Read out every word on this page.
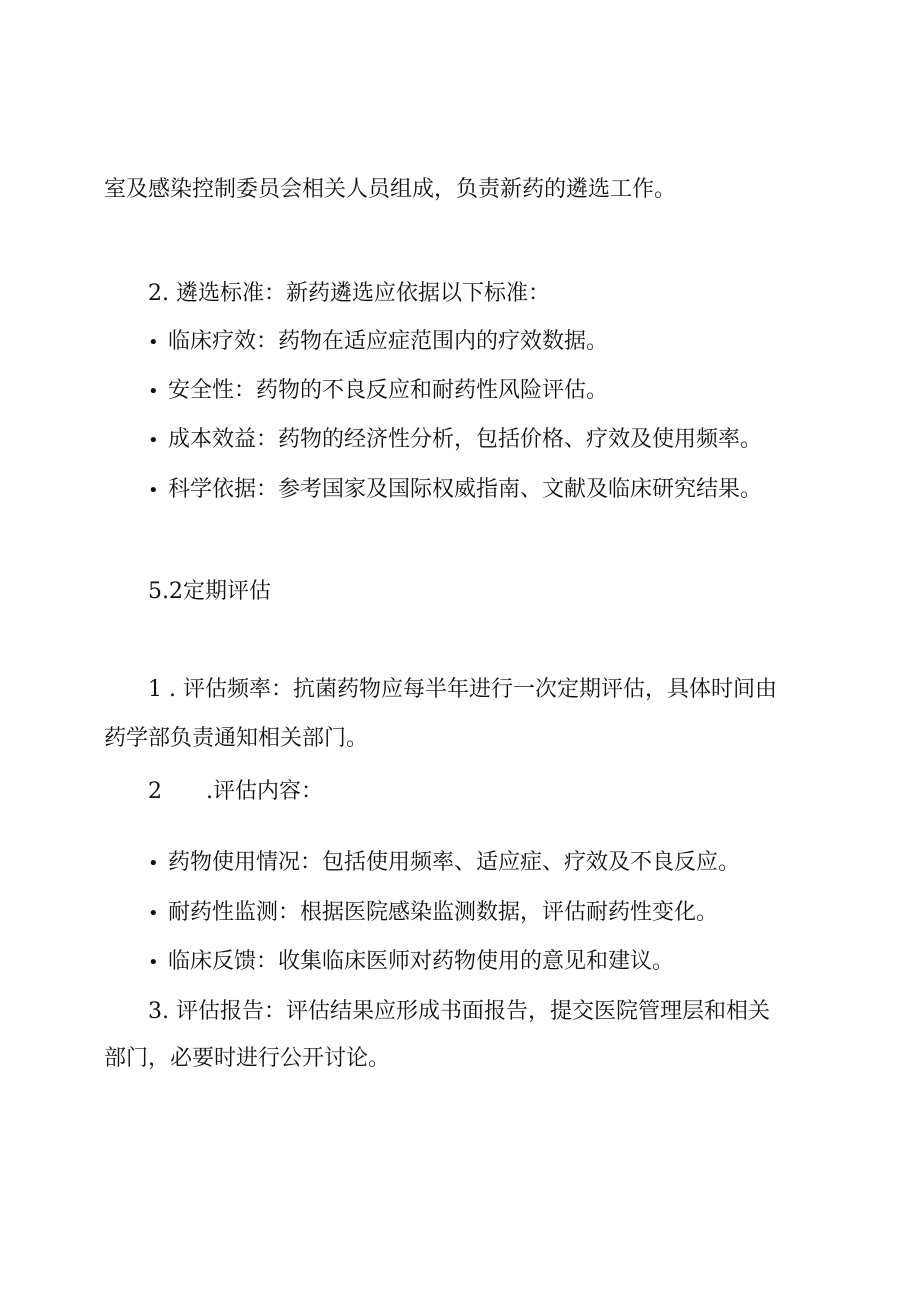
室及感染控制委员会相关人员组成，负责新药的遴选工作。
2. 遴选标准：新药遴选应依据以下标准：
• 临床疗效：药物在适应症范围内的疗效数据。
• 安全性：药物的不良反应和耐药性风险评估。
• 成本效益：药物的经济性分析，包括价格、疗效及使用频率。
• 科学依据：参考国家及国际权威指南、文献及临床研究结果。
5.2定期评估
1 . 评估频率：抗菌药物应每半年进行一次定期评估，具体时间由
药学部负责通知相关部门。
2 .评估内容：
• 药物使用情况：包括使用频率、适应症、疗效及不良反应。
• 耐药性监测：根据医院感染监测数据，评估耐药性变化。
• 临床反馈：收集临床医师对药物使用的意见和建议。
3. 评估报告：评估结果应形成书面报告，提交医院管理层和相关
部门，必要时进行公开讨论。
